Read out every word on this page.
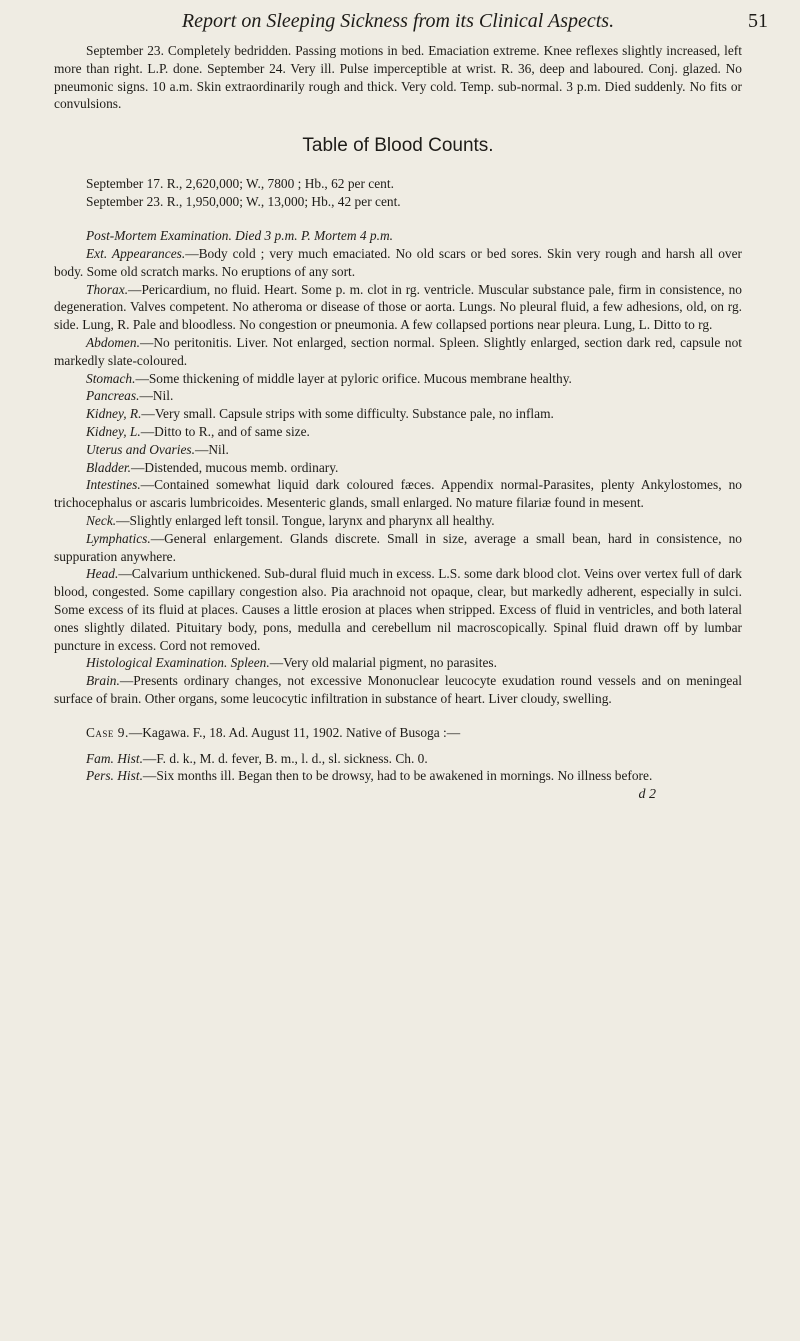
Report on Sleeping Sickness from its Clinical Aspects.	51

September 23. Completely bedridden. Passing motions in bed. Emaciation extreme. Knee reflexes slightly increased, left more than right. L.P. done. September 24. Very ill. Pulse imperceptible at wrist. R. 36, deep and laboured. Conj. glazed. No pneumonic signs. 10 a.m. Skin extraordinarily rough and thick. Very cold. Temp. sub-normal. 3 p.m. Died suddenly. No fits or convulsions.

Table of Blood Counts.

September 17. R., 2,620,000; W., 7800 ; Hb., 62 per cent.

September 23. R., 1,950,000; W., 13,000; Hb., 42 per cent.

Post-Mortem Examination. Died 3 p.m. P. Mortem 4 p.m.

Ext. Appearances.—Body cold ; very much emaciated. No old scars or bed sores. Skin very rough and harsh all over body. Some old scratch marks. No eruptions of any sort.

Thorax.—Pericardium, no fluid. Heart. Some p. m. clot in rg. ventricle. Muscular substance pale, firm in consistence, no degeneration. Valves competent. No atheroma or disease of those or aorta. Lungs. No pleural fluid, a few adhesions, old, on rg. side. Lung, R. Pale and bloodless. No congestion or pneumonia. A few collapsed portions near pleura. Lung, L. Ditto to rg.

Abdomen.—No peritonitis. Liver. Not enlarged, section normal. Spleen. Slightly enlarged, section dark red, capsule not markedly slate-coloured.

Stomach.—Some thickening of middle layer at pyloric orifice. Mucous membrane healthy.

Pancreas.—Nil.

Kidney, R.—Very small. Capsule strips with some difficulty. Substance pale, no inflam.

Kidney, L.—Ditto to R., and of same size.

Uterus and Ovaries.—Nil.

Bladder.—Distended, mucous memb. ordinary.

Intestines.—Contained somewhat liquid dark coloured fæces. Appendix normal-Parasites, plenty Ankylostomes, no trichocephalus or ascaris lumbricoides. Mesenteric glands, small enlarged. No mature filariæ found in mesent.

Neck.—Slightly enlarged left tonsil. Tongue, larynx and pharynx all healthy.

Lymphatics.—General enlargement. Glands discrete. Small in size, average a small bean, hard in consistence, no suppuration anywhere.

Head.—Calvarium unthickened. Sub-dural fluid much in excess. L.S. some dark blood clot. Veins over vertex full of dark blood, congested. Some capillary congestion also. Pia arachnoid not opaque, clear, but markedly adherent, especially in sulci. Some excess of its fluid at places. Causes a little erosion at places when stripped. Excess of fluid in ventricles, and both lateral ones slightly dilated. Pituitary body, pons, medulla and cerebellum nil macroscopically. Spinal fluid drawn off by lumbar puncture in excess. Cord not removed.

Histological Examination. Spleen.—Very old malarial pigment, no parasites.

Brain.—Presents ordinary changes, not excessive Mononuclear leucocyte exudation round vessels and on meningeal surface of brain. Other organs, some leucocytic infiltration in substance of heart. Liver cloudy, swelling.

Case 9.—Kagawa. F., 18. Ad. August 11, 1902. Native of Busoga :—

Fam. Hist.—F. d. k., M. d. fever, B. m., l. d., sl. sickness. Ch. 0.

Pers. Hist.—Six months ill. Began then to be drowsy, had to be awakened in mornings. No illness before.

d 2
